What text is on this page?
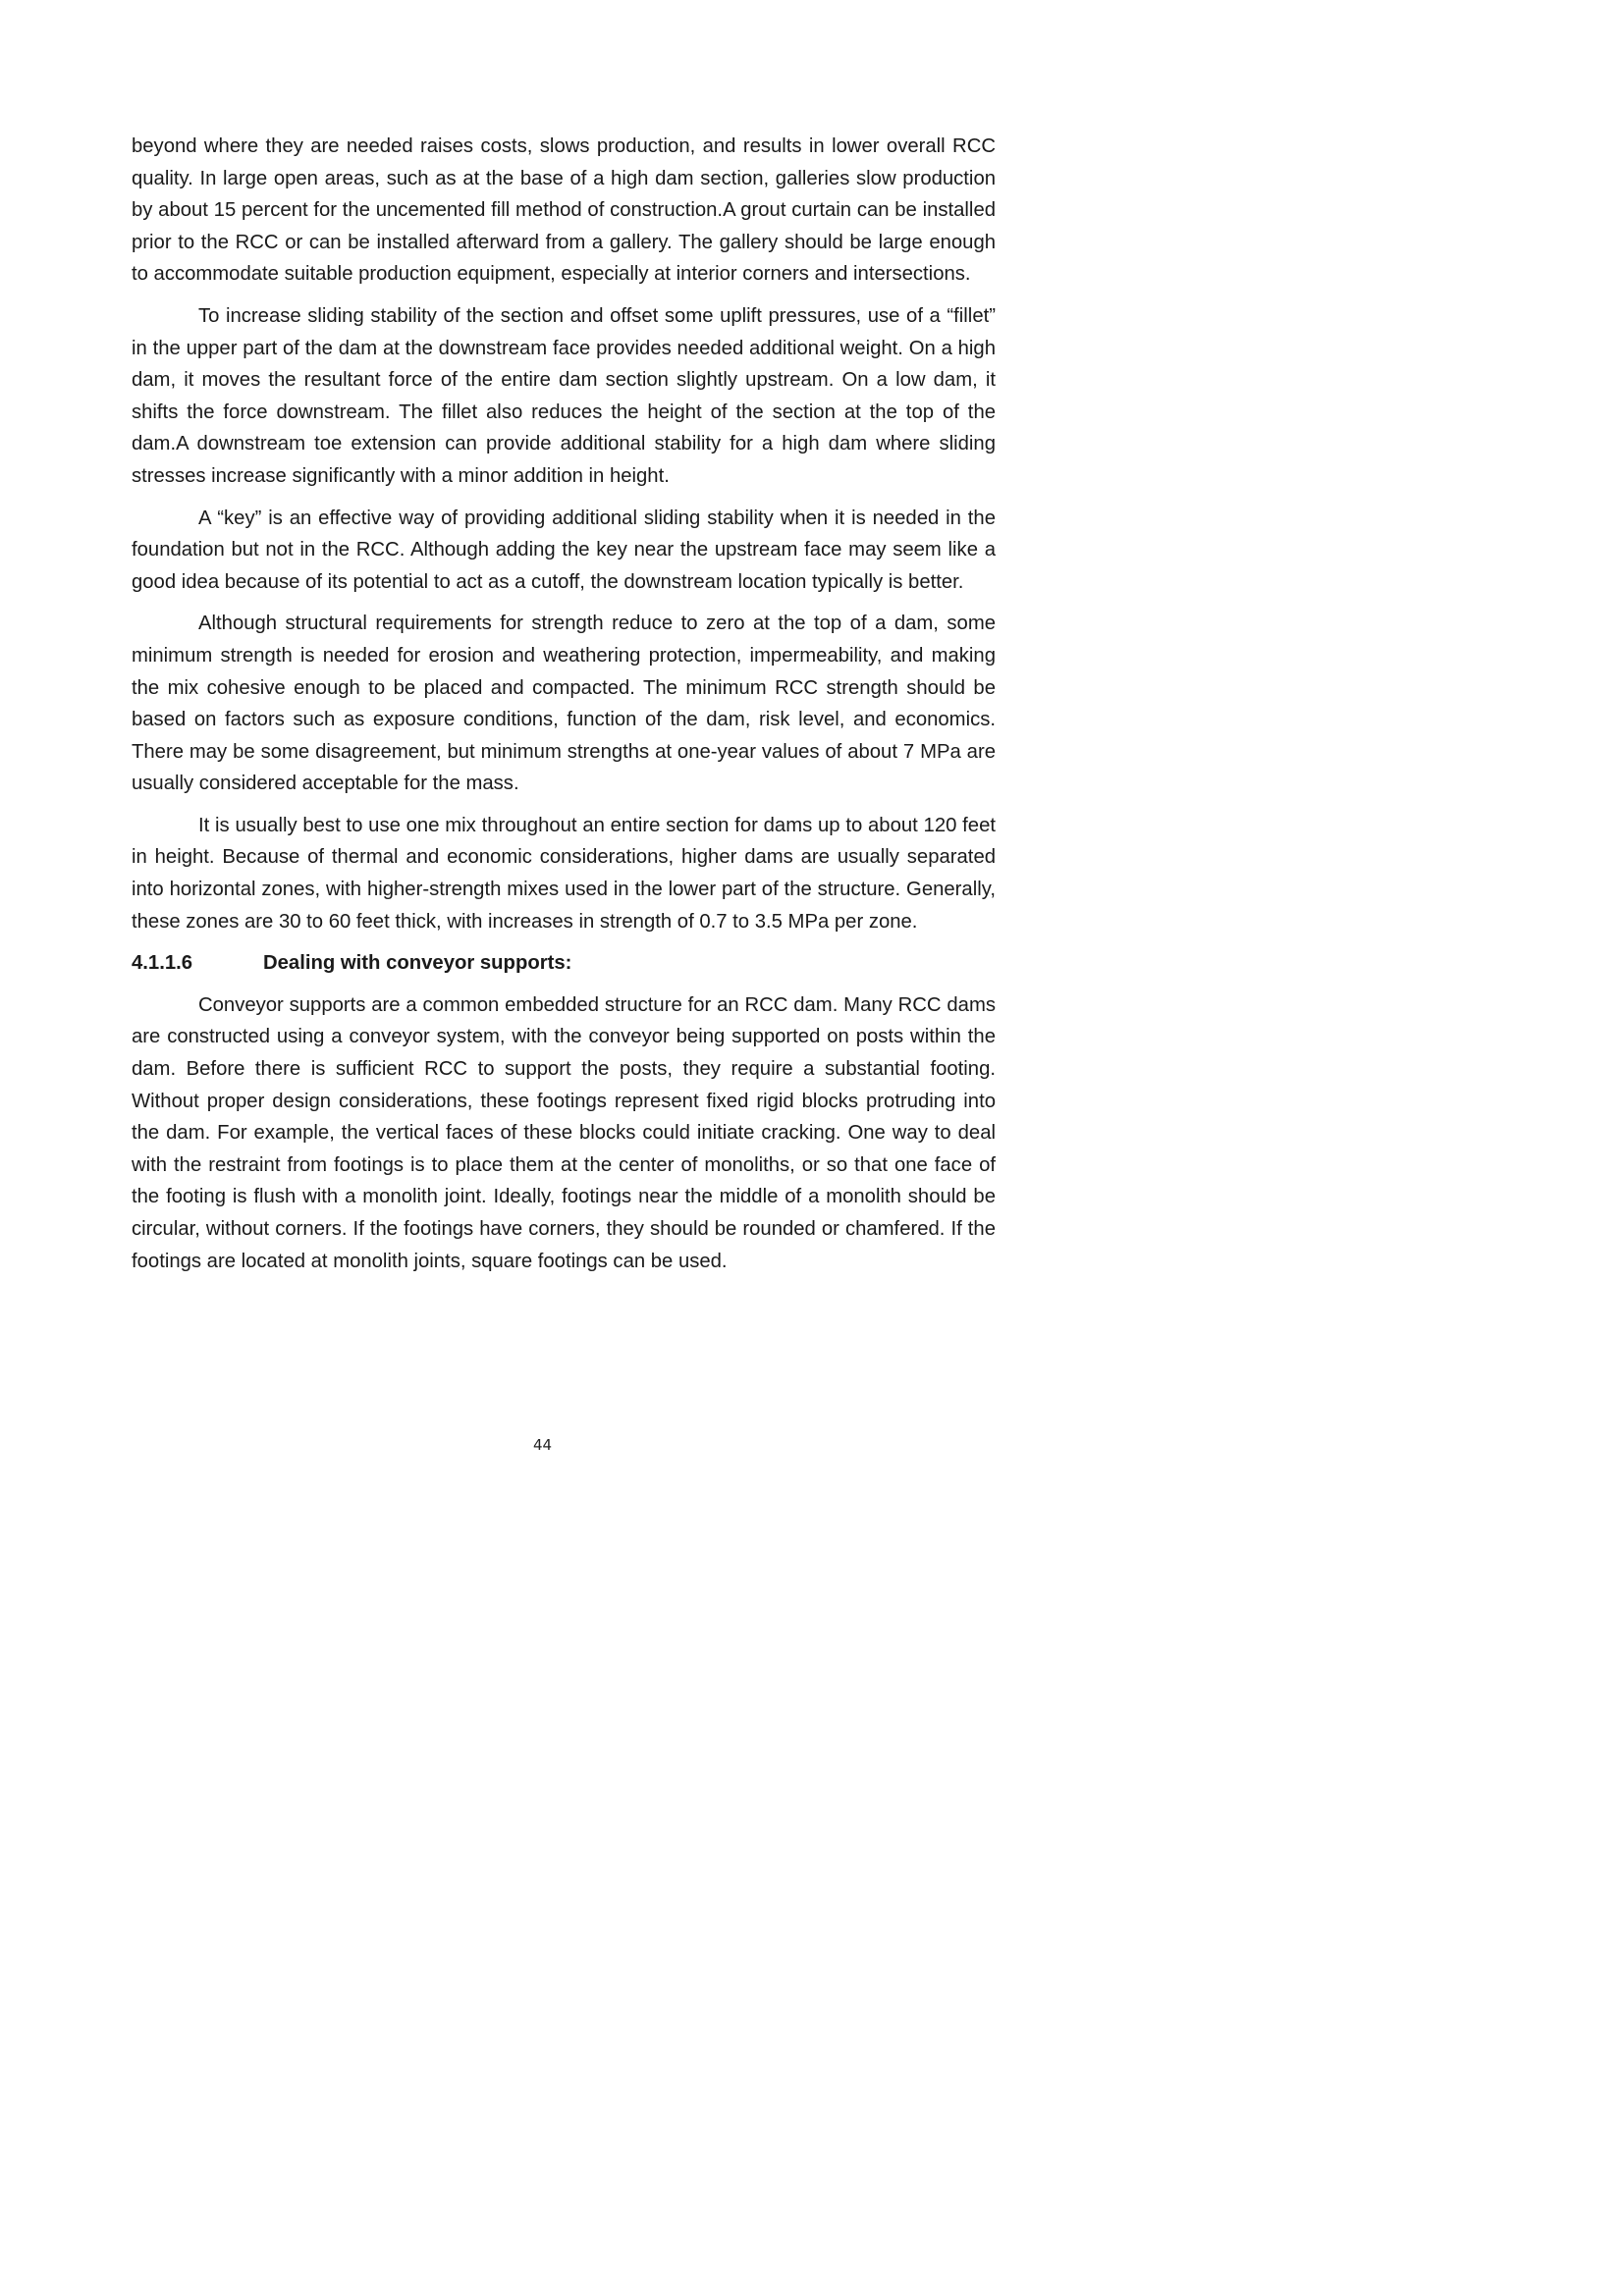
beyond where they are needed raises costs, slows production, and results in lower overall RCC quality. In large open areas, such as at the base of a high dam section, galleries slow production by about 15 percent for the uncemented fill method of construction.A grout curtain can be installed prior to the RCC or can be installed afterward from a gallery. The gallery should be large enough to accommodate suitable production equipment, especially at interior corners and intersections.

To increase sliding stability of the section and offset some uplift pressures, use of a “fillet” in the upper part of the dam at the downstream face provides needed additional weight. On a high dam, it moves the resultant force of the entire dam section slightly upstream. On a low dam, it shifts the force downstream. The fillet also reduces the height of the section at the top of the dam.A downstream toe extension can provide additional stability for a high dam where sliding stresses increase significantly with a minor addition in height.

A “key” is an effective way of providing additional sliding stability when it is needed in the foundation but not in the RCC. Although adding the key near the upstream face may seem like a good idea because of its potential to act as a cutoff, the downstream location typically is better.

Although structural requirements for strength reduce to zero at the top of a dam, some minimum strength is needed for erosion and weathering protection, impermeability, and making the mix cohesive enough to be placed and compacted. The minimum RCC strength should be based on factors such as exposure conditions, function of the dam, risk level, and economics. There may be some disagreement, but minimum strengths at one-year values of about 7 MPa are usually considered acceptable for the mass.

It is usually best to use one mix throughout an entire section for dams up to about 120 feet in height. Because of thermal and economic considerations, higher dams are usually separated into horizontal zones, with higher-strength mixes used in the lower part of the structure. Generally, these zones are 30 to 60 feet thick, with increases in strength of 0.7 to 3.5 MPa per zone.

4.1.1.6	Dealing with conveyor supports:

Conveyor supports are a common embedded structure for an RCC dam. Many RCC dams are constructed using a conveyor system, with the conveyor being supported on posts within the dam. Before there is sufficient RCC to support the posts, they require a substantial footing. Without proper design considerations, these footings represent fixed rigid blocks protruding into the dam. For example, the vertical faces of these blocks could initiate cracking. One way to deal with the restraint from footings is to place them at the center of monoliths, or so that one face of the footing is flush with a monolith joint. Ideally, footings near the middle of a monolith should be circular, without corners. If the footings have corners, they should be rounded or chamfered. If the footings are located at monolith joints, square footings can be used.

44
